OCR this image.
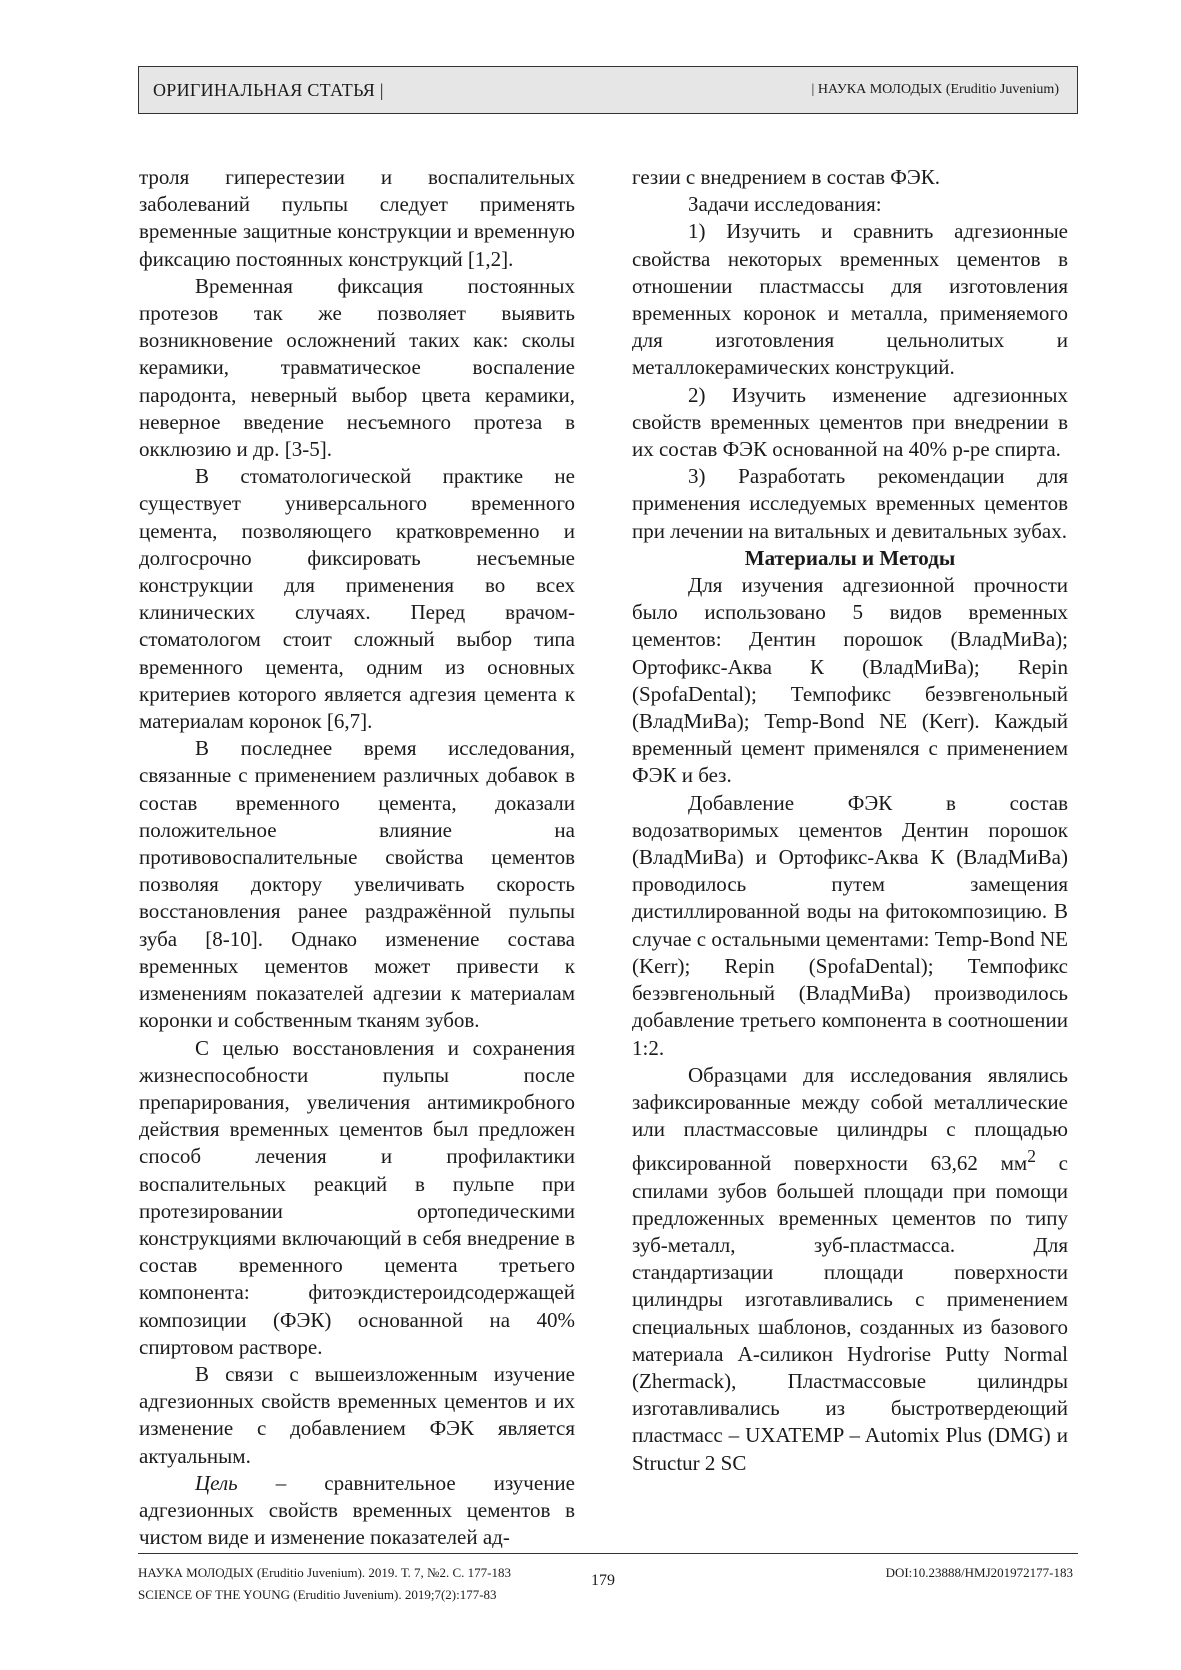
ОРИГИНАЛЬНАЯ СТАТЬЯ |	| НАУКА МОЛОДЫХ (Eruditio Juvenium)

троля гиперестезии и воспалительных заболеваний пульпы следует применять временные защитные конструкции и временную фиксацию постоянных конструкций [1,2].

Временная фиксация постоянных протезов так же позволяет выявить возникновение осложнений таких как: сколы керамики, травматическое воспаление пародонта, неверный выбор цвета керамики, неверное введение несъемного протеза в окклюзию и др. [3-5].

В стоматологической практике не существует универсального временного цемента, позволяющего кратковременно и долгосрочно фиксировать несъемные конструкции для применения во всех клинических случаях. Перед врачом-стоматологом стоит сложный выбор типа временного цемента, одним из основных критериев которого является адгезия цемента к материалам коронок [6,7].

В последнее время исследования, связанные с применением различных добавок в состав временного цемента, доказали положительное влияние на противовоспалительные свойства цементов позволяя доктору увеличивать скорость восстановления ранее раздражённой пульпы зуба [8-10]. Однако изменение состава временных цементов может привести к изменениям показателей адгезии к материалам коронки и собственным тканям зубов.

С целью восстановления и сохранения жизнеспособности пульпы после препарирования, увеличения антимикробного действия временных цементов был предложен способ лечения и профилактики воспалительных реакций в пульпе при протезировании ортопедическими конструкциями включающий в себя внедрение в состав временного цемента третьего компонента: фитоэкдистероидсодержащей композиции (ФЭК) основанной на 40% спиртовом растворе.

В связи с вышеизложенным изучение адгезионных свойств временных цементов и их изменение с добавлением ФЭК является актуальным.

Цель – сравнительное изучение адгезионных свойств временных цементов в чистом виде и изменение показателей ад-

гезии с внедрением в состав ФЭК.

Задачи исследования:

1) Изучить и сравнить адгезионные свойства некоторых временных цементов в отношении пластмассы для изготовления временных коронок и металла, применяемого для изготовления цельнолитых и металлокерамических конструкций.

2) Изучить изменение адгезионных свойств временных цементов при внедрении в их состав ФЭК основанной на 40% р-ре спирта.

3) Разработать рекомендации для применения исследуемых временных цементов при лечении на витальных и девитальных зубах.

Материалы и Методы

Для изучения адгезионной прочности было использовано 5 видов временных цементов: Дентин порошок (ВладМиВа); Ортофикс-Аква К (ВладМиВа); Repin (SpofaDental); Темпофикс безэвгенольный (ВладМиВа); Temp-Bond NE (Kerr). Каждый временный цемент применялся с применением ФЭК и без.

Добавление ФЭК в состав водозатворимых цементов Дентин порошок (ВладМиВа) и Ортофикс-Аква К (ВладМиВа) проводилось путем замещения дистиллированной воды на фитокомпозицию. В случае с остальными цементами: Temp-Bond NE (Kerr); Repin (SpofaDental); Темпофикс безэвгенольный (ВладМиВа) производилось добавление третьего компонента в соотношении 1:2.

Образцами для исследования являлись зафиксированные между собой металлические или пластмассовые цилиндры с площадью фиксированной поверхности 63,62 $мм^2$ с спилами зубов большей площади при помощи предложенных временных цементов по типу зуб-металл, зуб-пластмасса. Для стандартизации площади поверхности цилиндры изготавливались с применением специальных шаблонов, созданных из базового материала А-силикон Hydrorise Putty Normal (Zhermack), Пластмассовые цилиндры изготавливались из быстротвердеющий пластмасс – UXATEMP – Automix Plus (DMG) и Structur 2 SC

НАУКА МОЛОДЫХ (Eruditio Juvenium). 2019. Т. 7, №2. С. 177-183
SCIENCE OF THE YOUNG (Eruditio Juvenium). 2019;7(2):177-83
179	DOI:10.23888/HMJ201972177-183
